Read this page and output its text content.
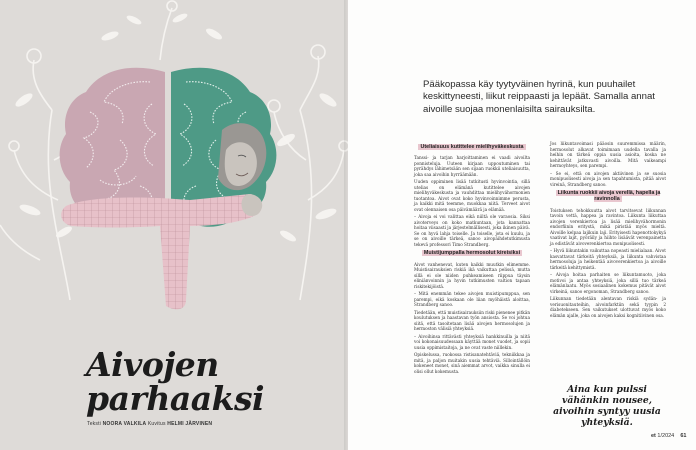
Aivojen
parhaaksi
Teksti NOORA VALKILA Kuvitus HELMI JÄRVINEN
Pääkopassa käy tyytyväinen hyrinä, kun puuhailet keskittyneesti, liikut reippaasti ja lepäät. Samalla annat aivoille suojaa monenlaisilta sairauksilta.
Uteliaisuus kutittelee mielihyväkeskusta

Tanssi- ja tarjan harjoittaminen ei vaadi aivoilta ponnisteluja. Uuteen kirjaan uppoutuminen tai pyrähdys lähimetsään sen sijaan ruokkii uteliaisuutta, joka saa aivoihin hyrräämään.

Uuden oppiminen lisää tutkitusti hyvinvointia, sillä utelias on elämänä kutittelee aivojen mielihyväkeskusta ja vauhdittaa mielihyvähormonien tuotantoa. Aivot ovat koko hyvinvoinnimme perusta, ja kaikki mitä teemme, muokkaa niitä. Terveet aivot ovat olennaisen osa päivämäärä ja elämää.

– Aivoja ei voi valittaa eikä niiltä ole varaosia. Siksi aivoterveys on koko matkuntaan, jota kannattaa hoitaa viisaasti ja järjestelmällisesti, joka ikinen päivä. Se on hyvä lahja toiselle. Ja toiselle, jota ei kuulu, ja se on aivoille tärkeä, sanoo aivopäihdetutkimusta tekevä professori Timo Strandberg.

Muistijumppalla hermosolut kireisiksi

Aivot vanhenevat, kuten kaikki muutkin elimemme. Muistisairauksien riskiä ikä vaikuttaa pelissä, mutta sillä ei ole niiden puhkeamiseen riippua täysin eliniänvoinnin ja hyvin tutkimusten valtion tapaan riskitekijöistä.

– Mitä enemmän tekee aivojen muistipumppua, sen parempi, eikä koskaan ole liian myöhäistä aloittaa, Strandberg sanoo.

Tiedetään, että muistisairauksiin riski pienenee pitkän koulutuksen ja haastavan työn ansiosta. Se voi johtua siitä, että tasoitetaan lisää aivojen hermosolujen ja hermoston välisiä yhteyksiä.

– Aivoihinsa rittävästi yhteyksiä hankkinuilla ja niitä voi kokonaisuudessaan käyttää monet vuodet, ja sopii uusia oppimistaitoja, ja ne ovat vaste niillekin.

Opiskelussa, ruokossa ristisanatehtäviä, tekniikkaa ja mitä, ja paljon muitakin uusia tehtäviä. Sillointällöin kokeneet monet, sinä aiemmat arvot, vaikka sinulla ei olisi ollut kokemusta.

Jos liikuntavoimasi pääosin suuremmissa määrin, hermosolut alkavat toimimaan uudella tavalla ja heihin on tärkeä oppia uusia asioita, koska ne kehittävät jatkuvasti aivoilla. Mitä vaikeampi hermoyhteys, sen parempi.

– Se ei, että on aivojen aktiivinen ja se suosia monipuolisesti aivoja ja sen tapahtumista, pitää aivot vireinä, Strandberg sanoo.

Liikunta ruokkii aivoja verellä, hapella ja ravinnolla

Toistuksen tehokkuutta aivot tarvitsevat liikunnan tavoin vettä, happea ja ravintoa. Liikunta liikuttaa aivojen verenkiertoa ja lisää mielihyvähormonin endorfiinin eritystä, mikä piristää myös mieltä. Aivoille kelpaa lajikuin laji. Erityisesti hapenottokykyä vaativat lajit, pyöräily ja hiihto lisäävät verenpainetta ja edistävät aivoverenkiertoa monipuolisesti.

– Hyvä liikuntakin vaikuttaa nopeasti mielialaan. Aivot kasvattavat tärkeitä yhteyksiä, ja liikunta vahvistaa hermosoluja ja heikentää aivoverenkiertoa ja aivoille tärkeitä kehittymistä.

– Aivoja hoitaa parhaiten se liikuntamuoto, joka motivoi ja antaa yhteyksiä, joka sillä tuo tärkeä elämänlaatu. Myös sosiaalinen kokemus pitävät aivot virkeinä, sanoo ergonoman, Strandberg sanoo.

Liikunnan tiedetään alentavan riskiä sydän- ja verisuonitauteihin, aivoinfarktiin sekä tyypin 2 diabetekseen. Sen vaikutukset ulottuvat myös koko elämän ajalle, joka on aivojen kaksi kognitiivinen osa.

Aina kun pulssi vähänkin nousee, aivoihin syntyy uusia yhteyksiä.
et 1/2024 61
